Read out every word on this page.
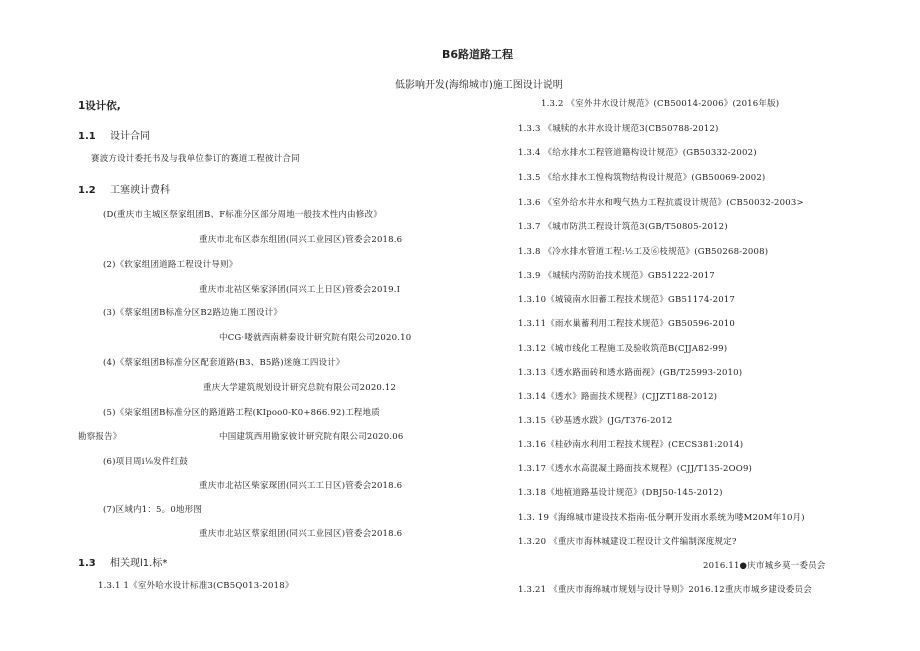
B6路道路工程
低影响开发(海绵城市)施工图设计说明
1设计依,
1.1 设计合同
赛波方设计委托书及与我单位参订的赛道工程彼计合同
1.2 工塞谀计费科
(D(重庆市主城区祭家组团B、F标准分区部分周地一般技术性内由修改》
重庆市北布区恭东组团(同兴工业园区)管委会2018.6
(2)《软家组团道路工程设计导则》
重庆市北祜区柴家泽团(同兴工上日区)管委会2019.I
(3)《蔡家组团B标准分区B2路边施工图设计》
中CG·喽就西南耕秦设计研究院有限公司2020.10
(4)《蔡家组团B标准分区配套道路(B3、B5路)迷施工四设计》
重庆大学建筑规划设计研究总院有限公司2020.12
(5)《柒家组团B标准分区的路道路工程(KIpoo0-K0+866.92)工程地质
勘察报告》	中国建筑西用勘家彼计研究院有限公司2020.06
(6)项目周i⅛发件红鼓
重庆市北祜区柴家琛团(同兴工工日区)管委会2018.6
(7)区域内1：5。0地形图
重庆市北站区蔡家组团(同兴工业园区)管委会2018.6
1.3 相关现l1.标*
1.3.1 1《室外哈水设计标准3(CB5Q013-2018》
1.3.2 《室外井水设计规范》(CB50014-2006》(2016年版)
1.3.3 《城犊的水井水设计规范3(CB50788-2012)
1.3.4 《给水排水工程管道籍构设计规范》(GB50332-2002)
1.3.5 《给水排水工惶构筑物结构设计规范》(GB50069-2002)
1.3.6 《室外给水井水和嗖气热力工程抗震设计规范》(CB50032-2003>
1.3.7 《城市防洪工程设计筑范3(GB/T50805-2012)
1.3.8 《冷水排水管道工程:½工及⑥枝规范》(GB50268-2008)
1.3.9 《城犊内涝防治技术规范》GB51222-2017
1.3.10《城镜南水旧蓄工程技术规范》GB51174-2017
1.3.11《雨水巢蓄利用工程技术规范》GB50596-2010
1.3.12《城市线化工程施工及验收筑范B(CJJA82-99)
1.3.13《透水路面砖和透水路面视》(GB/T25993-2010)
1.3.14《透水》路面技术规程》(CJJZT188-2012)
1.3.15《砂基透水跋》(JG/T376-2012
1.3.16《桂砂南水利用工程技术规程》(CECS381:2014)
1.3.17《透水水高混凝土路面技术规程》(CJJ/T135-2OO9)
1.3.18《地植道路基设计规范》(DBJ50-145-2012)
1.3. 19《海绵城市建设技术指南-低分啊开发雨水系统为喽M20M年10月)
1.3.20 《重庆市海林城建设工程设计文件编制深度规定?
2016.11●庆市城乡莫一委员会
1.3.21 《重庆市海绵城市规划与设计导则》2016.12重庆市城乡建设委员会
